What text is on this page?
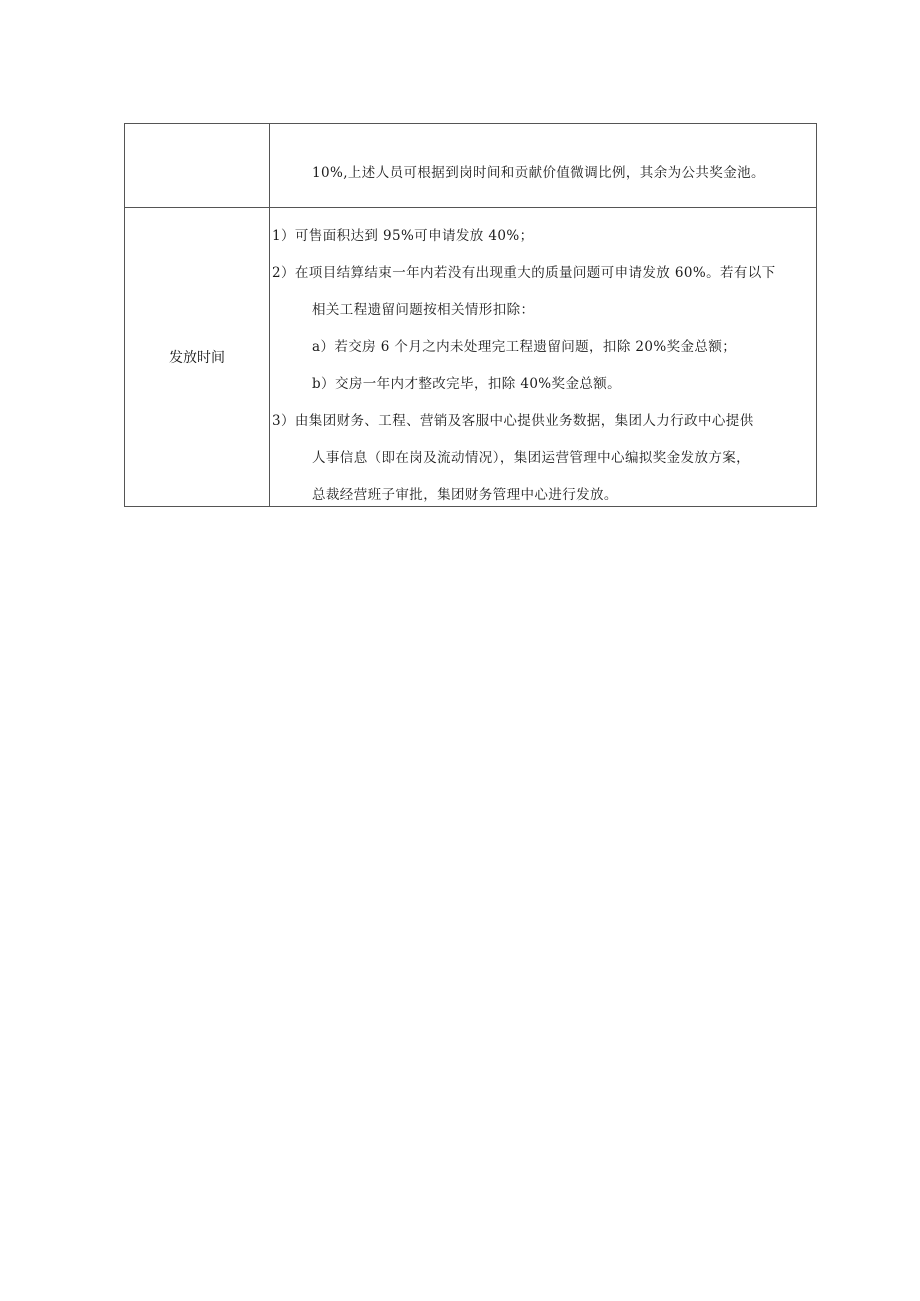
10%,上述人员可根据到岗时间和贡献价值微调比例，其余为公共奖金池。
发放时间
1）可售面积达到 95%可申请发放 40%；
2）在项目结算结束一年内若没有出现重大的质量问题可申请发放 60%。若有以下
相关工程遗留问题按相关情形扣除：
a）若交房 6 个月之内未处理完工程遗留问题，扣除 20%奖金总额；
b）交房一年内才整改完毕，扣除 40%奖金总额。
3）由集团财务、工程、营销及客服中心提供业务数据，集团人力行政中心提供
人事信息（即在岗及流动情况），集团运营管理中心编拟奖金发放方案，
总裁经营班子审批，集团财务管理中心进行发放。
